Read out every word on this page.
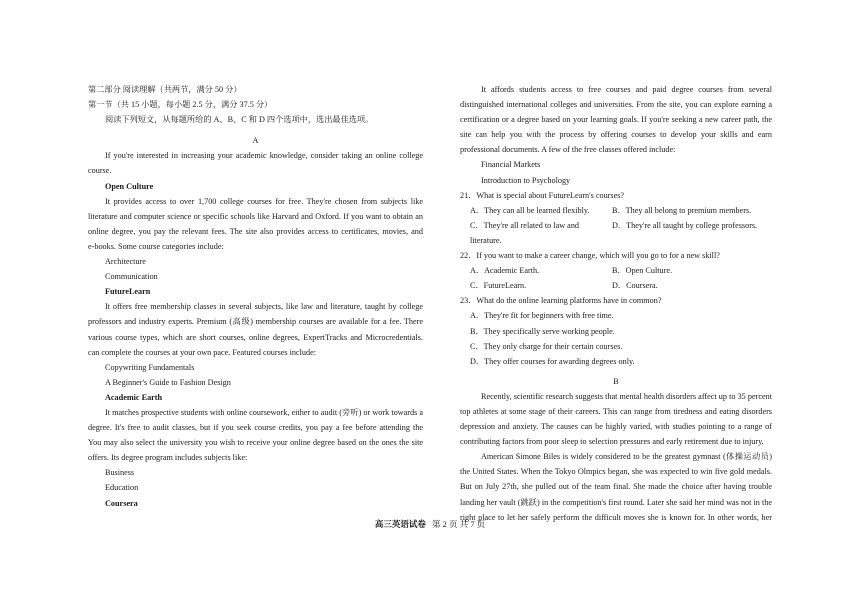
第二部分 阅读理解（共两节，满分 50 分）
第一节（共 15 小题，每小题 2.5 分，满分 37.5 分）
阅读下列短文，从每题所给的 A、B、C 和 D 四个选项中，选出最佳选项。
A
If you're interested in increasing your academic knowledge, consider taking an online college
course.
Open Culture
It provides access to over 1,700 college courses for free. They're chosen from subjects like
literature and computer science or specific schools like Harvard and Oxford. If you want to obtain an
online degree, you pay the relevant fees. The site also provides access to certificates, movies, and
e-books. Some course categories include:
Architecture
Communication
FutureLearn
It offers free membership classes in several subjects, like law and literature, taught by college
professors and industry experts. Premium (高级) membership courses are available for a fee. There
various course types, which are short courses, online degrees, ExpertTracks and Microcredentials.
can complete the courses at your own pace. Featured courses include:
Copywriting Fundamentals
A Beginner's Guide to Fashion Design
Academic Earth
It matches prospective students with online coursework, either to audit (旁听) or work towards a
degree. It's free to audit classes, but if you seek course credits, you pay a fee before attending the
You may also select the university you wish to receive your online degree based on the ones the site
offers. Its degree program includes subjects like:
Business
Education
Coursera
It affords students access to free courses and paid degree courses from several
distinguished international colleges and universities. From the site, you can explore earning a
certification or a degree based on your learning goals. If you're seeking a new career path, the
site can help you with the process by offering courses to develop your skills and earn
professional documents. A few of the free classes offered include:
Financial Markets
Introduction to Psychology
21．What is special about FutureLearn's courses?
A．They can all be learned flexibly.	B．They all belong to premium members.
C．They're all related to law and literature.
D．They're all taught by college professors.
22．If you want to make a career change, which will you go to for a new skill?
A．Academic Earth.	B．Open Culture.
C．FutureLearn.	D．Coursera.
23．What do the online learning platforms have in common?
A．They're fit for beginners with free time.
B．They specifically serve working people.
C．They only charge for their certain courses.
D．They offer courses for awarding degrees only.
B
Recently, scientific research suggests that mental health disorders affect up to 35 percent
top athletes at some stage of their careers. This can range from tiredness and eating disorders
depression and anxiety. The causes can be highly varied, with studies pointing to a range of
contributing factors from poor sleep to selection pressures and early retirement due to injury.
American Simone Biles is widely considered to be the greatest gymnast (体操运动员)
the United States. When the Tokyo Olmpics began, she was expected to win five gold medals.
But on July 27th, she pulled out of the team final. She made the choice after having trouble
landing her vault (跳跃) in the competition's first round. Later she said her mind was not in the
right place to let her safely perform the difficult moves she is known for. In other words, her
高三英语试卷 第 2 页 共 7 页
